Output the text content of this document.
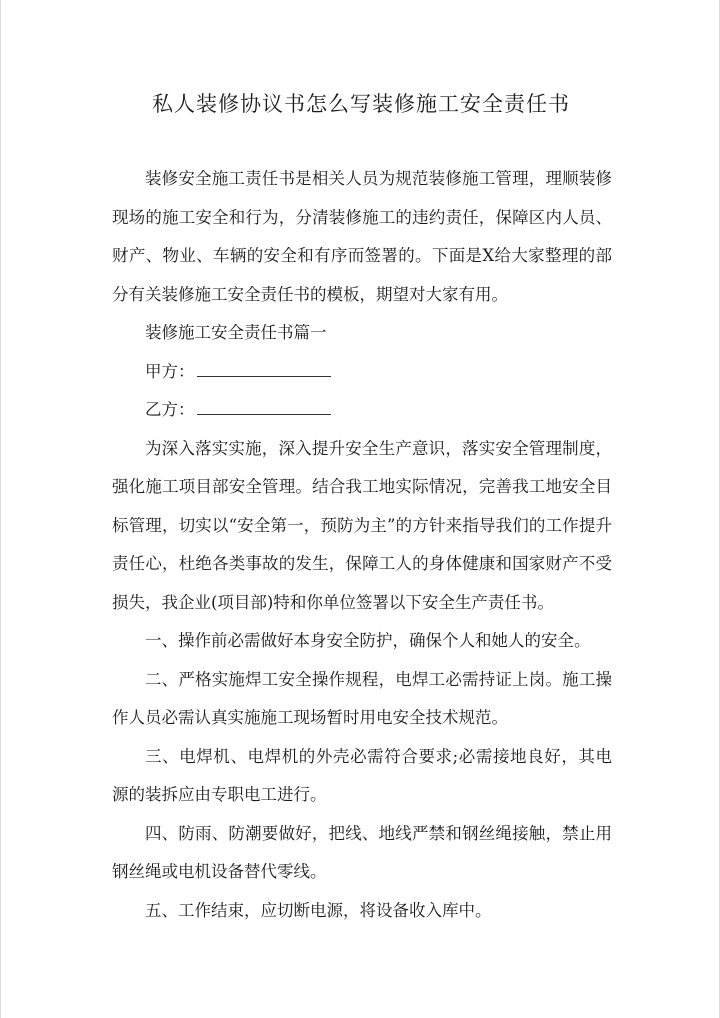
私人装修协议书怎么写装修施工安全责任书

装修安全施工责任书是相关人员为规范装修施工管理，理顺装修现场的施工安全和行为，分清装修施工的违约责任，保障区内人员、财产、物业、车辆的安全和有序而签署的。下面是X给大家整理的部分有关装修施工安全责任书的模板，期望对大家有用。

装修施工安全责任书篇一

甲方：

乙方：

为深入落实实施，深入提升安全生产意识，落实安全管理制度，强化施工项目部安全管理。结合我工地实际情况，完善我工地安全目标管理，切实以“安全第一，预防为主”的方针来指导我们的工作提升责任心，杜绝各类事故的发生，保障工人的身体健康和国家财产不受损失，我企业(项目部)特和你单位签署以下安全生产责任书。

一、操作前必需做好本身安全防护，确保个人和她人的安全。

二、严格实施焊工安全操作规程，电焊工必需持证上岗。施工操作人员必需认真实施施工现场暂时用电安全技术规范。

三、电焊机、电焊机的外壳必需符合要求;必需接地良好，其电源的装拆应由专职电工进行。

四、防雨、防潮要做好，把线、地线严禁和钢丝绳接触，禁止用钢丝绳或电机设备替代零线。

五、工作结束，应切断电源，将设备收入库中。
